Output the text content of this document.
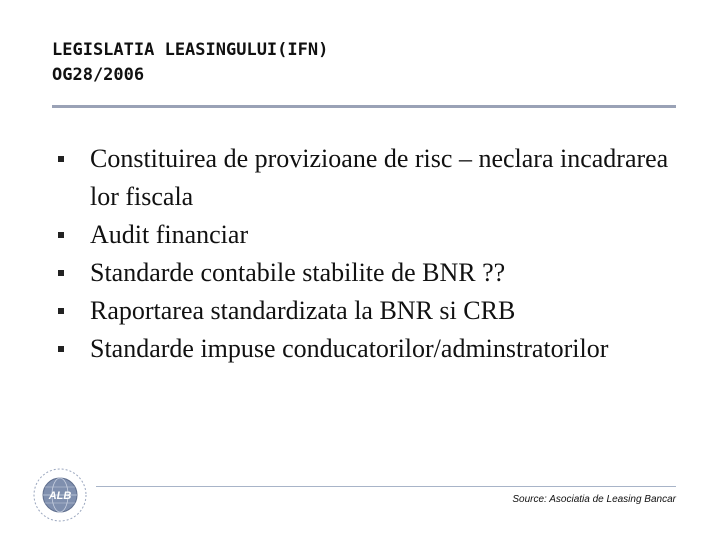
LEGISLATIA LEASINGULUI(IFN)
OG28/2006
Constituirea de provizioane de risc – neclara incadrarea lor fiscala
Audit financiar
Standarde contabile stabilite de BNR ??
Raportarea standardizata la BNR si CRB
Standarde impuse conducatorilor/adminstratorilor
ALB	Source: Asociatia de Leasing Bancar
